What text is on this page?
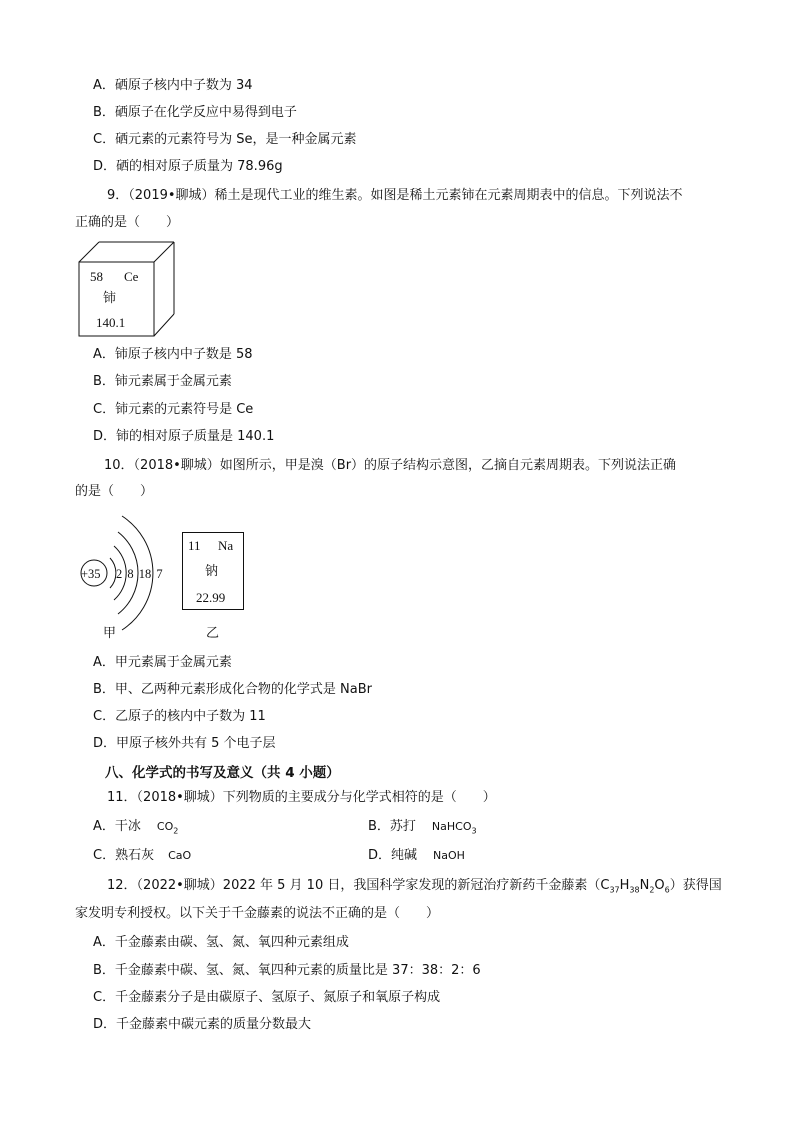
A．硒原子核内中子数为 34
B．硒原子在化学反应中易得到电子
C．硒元素的元素符号为 Se，是一种金属元素
D．硒的相对原子质量为 78.96g
9．（2019•聊城）稀土是现代工业的维生素。如图是稀土元素铈在元素周期表中的信息。下列说法不
正确的是（　　）
58 Ce
铈
140.1
A．铈原子核内中子数是 58
B．铈元素属于金属元素
C．铈元素的元素符号是 Ce
D．铈的相对原子质量是 140.1
10．（2018•聊城）如图所示，甲是溴（Br）的原子结构示意图，乙摘自元素周期表。下列说法正确
的是（　　）
+35 2 8 18 7
甲
11 Na
钠
22.99
乙
A．甲元素属于金属元素
B．甲、乙两种元素形成化合物的化学式是 NaBr
C．乙原子的核内中子数为 11
D．甲原子核外共有 5 个电子层
八、化学式的书写及意义（共 4 小题）
11．（2018•聊城）下列物质的主要成分与化学式相符的是（　　）
A．干冰 $CO_2$	B．苏打 NaHCO$_3$
C．熟石灰 CaO	D．纯碱 NaOH
12．（2022•聊城）2022 年 5 月 10 日，我国科学家发现的新冠治疗新药千金藤素$(C_{37}H_{38}N_2O_6)$获得国
家发明专利授权。以下关于千金藤素的说法不正确的是（　　）
A．千金藤素由碳、氢、氮、氧四种元素组成
B．千金藤素中碳、氢、氮、氧四种元素的质量比是 37：38：2：6
C．千金藤素分子是由碳原子、氢原子、氮原子和氧原子构成
D．千金藤素中碳元素的质量分数最大
